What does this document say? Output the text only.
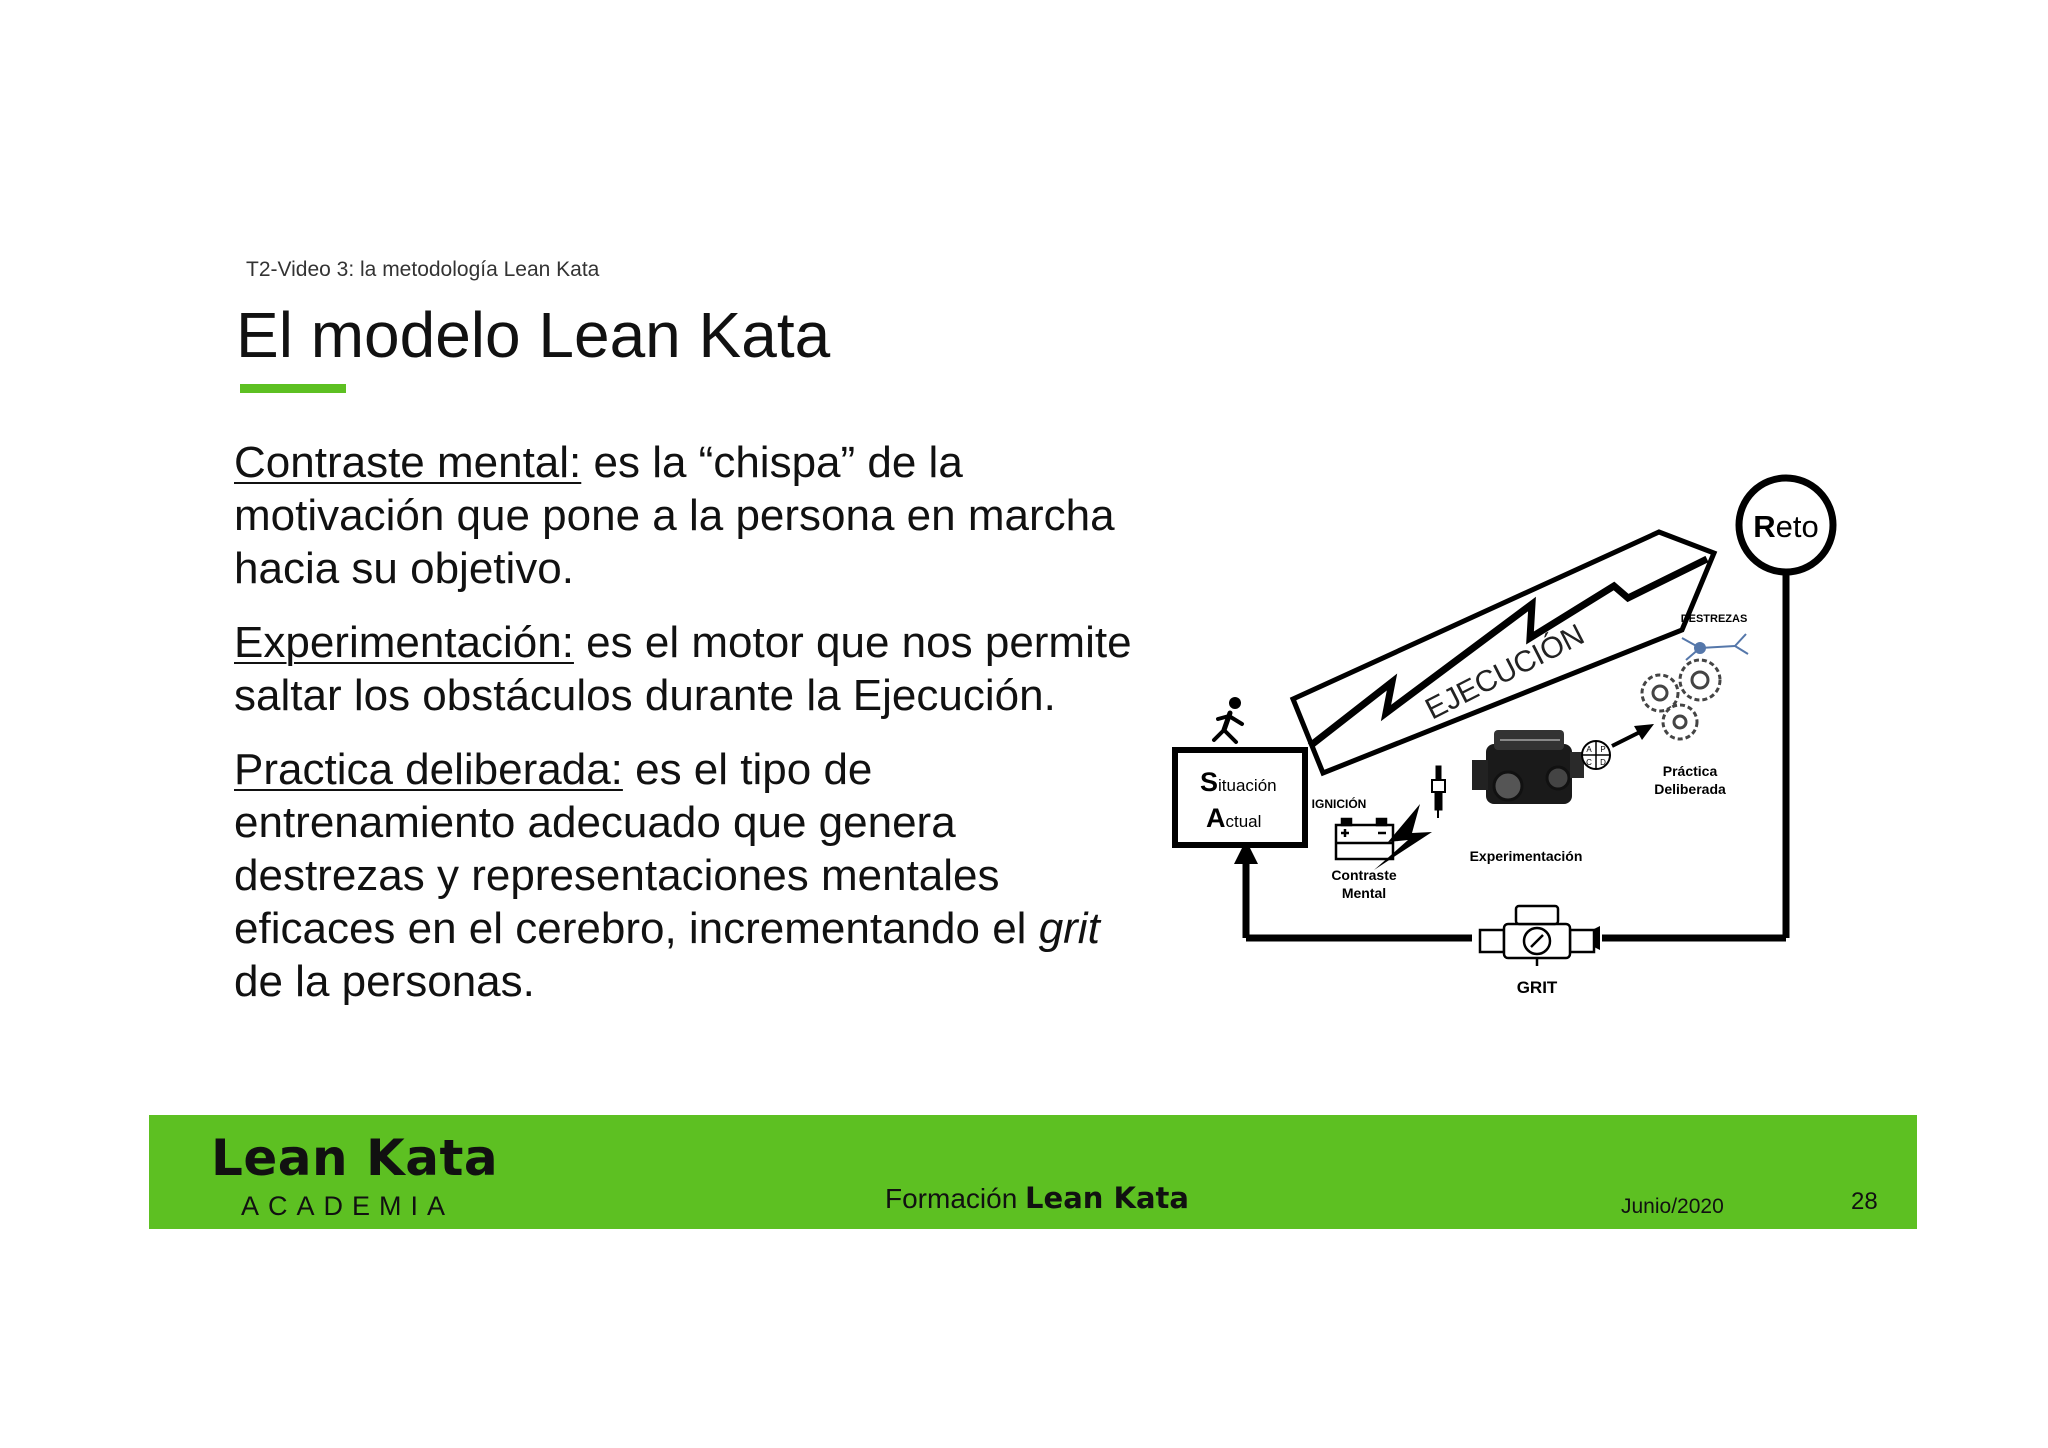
T2-Video 3: la metodología Lean Kata
El modelo Lean Kata

Contraste mental: es la “chispa” de la motivación que pone a la persona en marcha hacia su objetivo.

Experimentación: es el motor que nos permite saltar los obstáculos durante la Ejecución.

Practica deliberada: es el tipo de entrenamiento adecuado que genera destrezas y representaciones mentales eficaces en el cerebro, incrementando el grit de la personas.

Reto
EJECUCIÓN
Situación
Actual
IGNICIÓN
Contraste
Mental
Experimentación
A P
C D
DESTREZAS
Práctica
Deliberada
GRIT
Lean Kata
ACADEMIA	Formación Lean Kata	Junio/2020	28
